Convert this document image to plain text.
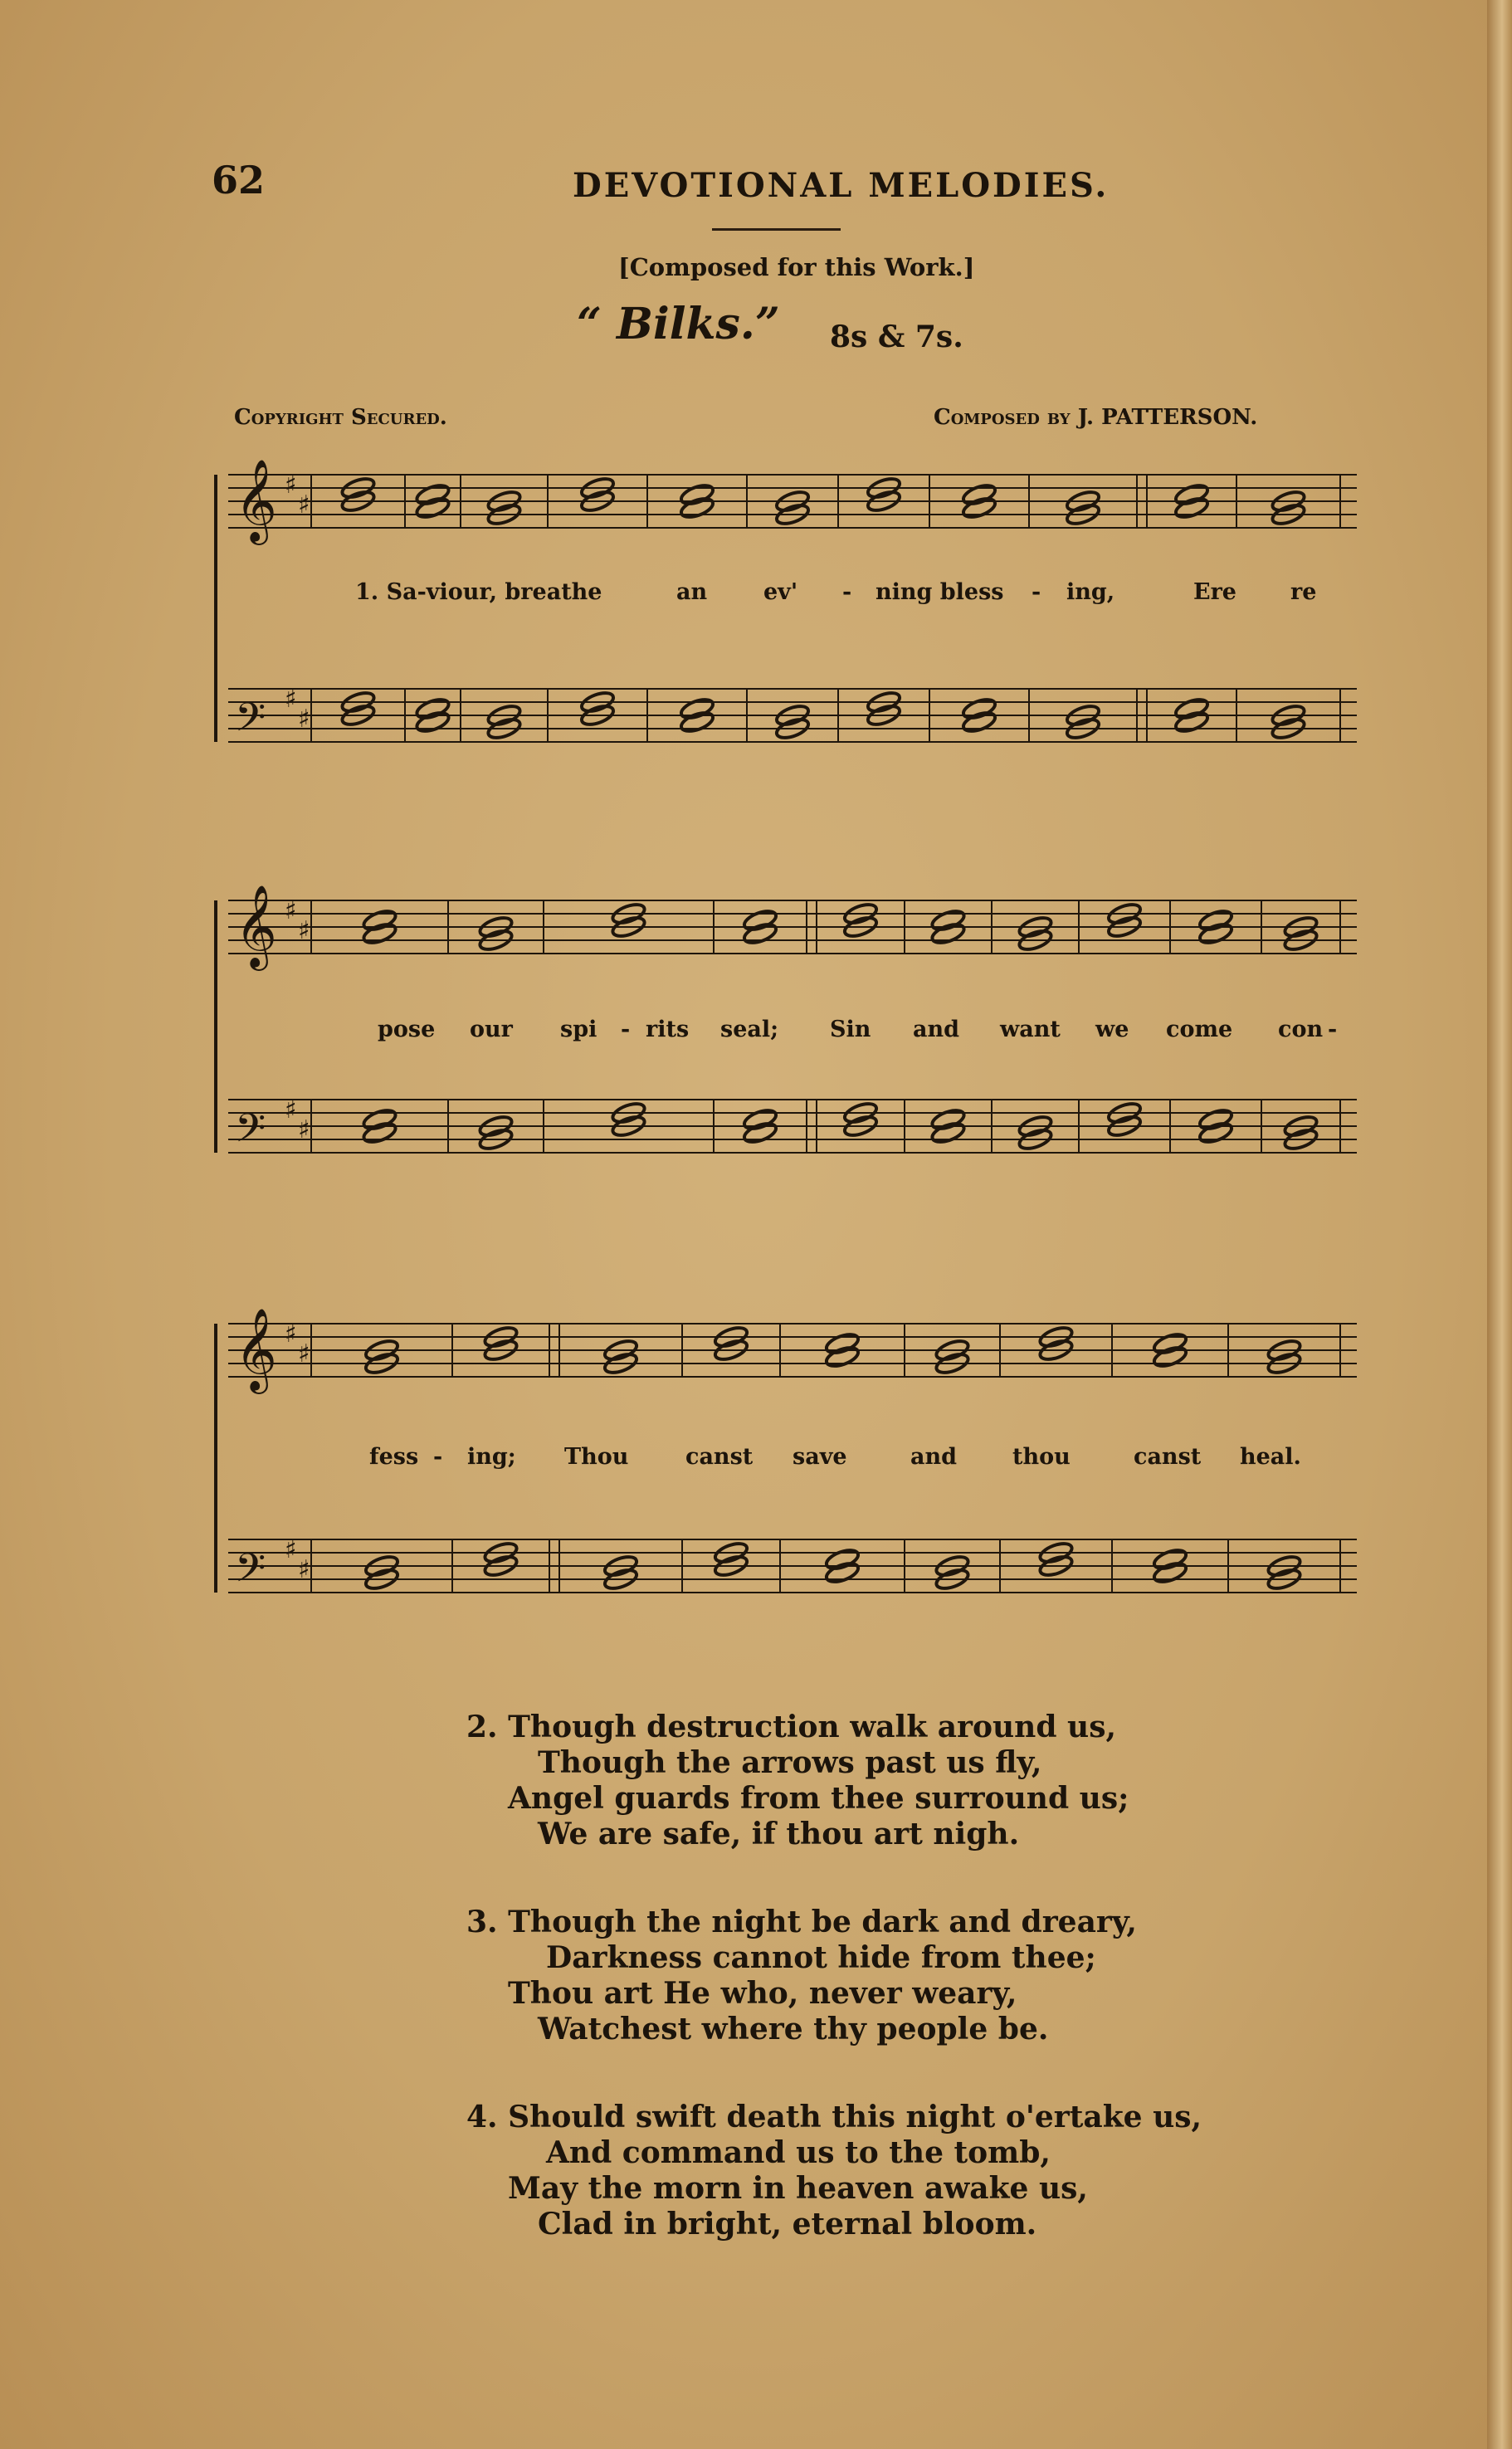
62	DEVOTIONAL MELODIES.
[Composed for this Work.]
“ Bilks.” 8s & 7s.
Copyright Secured.	Composed by J. PATTERSON.
𝄞 ♯
♯
𝄢 ♯
♯
𝄞 ♯
♯
𝄢 ♯
♯
𝄞 ♯
♯
𝄢 ♯
♯
1. Sa-viour, breathe	an	ev' - ning bless - ing,	Ere re
pose our spi - rits seal; Sin and want we come con -
fess - ing; Thou	canst save	and thou	canst heal.
2. Though destruction walk around us,
Though the arrows past us fly,
Angel guards from thee surround us;
We are safe, if thou art nigh.
3. Though the night be dark and dreary,
Darkness cannot hide from thee;
Thou art He who, never weary,
Watchest where thy people be.
4. Should swift death this night o'ertake us,
And command us to the tomb,
May the morn in heaven awake us,
Clad in bright, eternal bloom.
